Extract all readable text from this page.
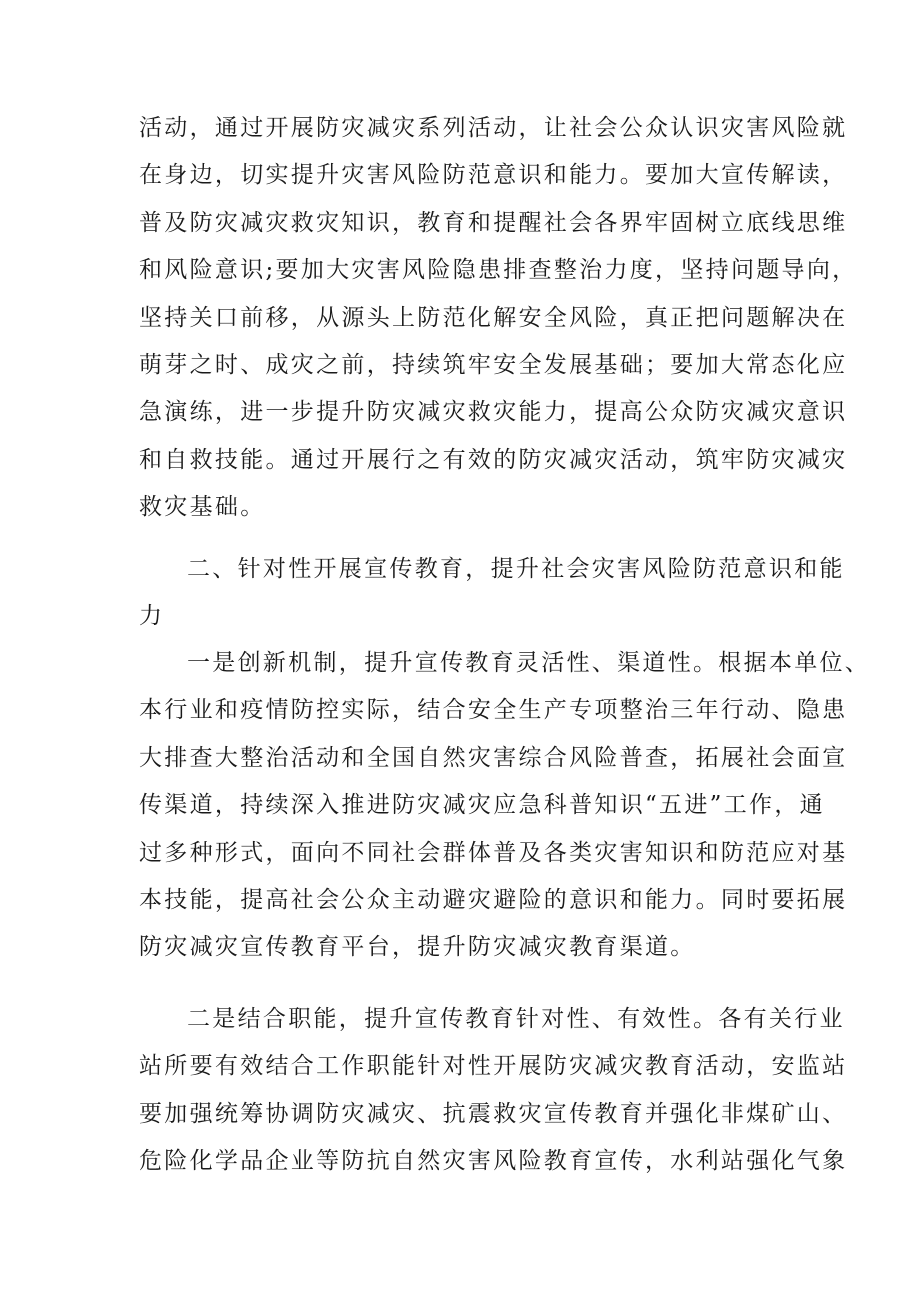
活动，通过开展防灾减灾系列活动，让社会公众认识灾害风险就
在身边，切实提升灾害风险防范意识和能力。要加大宣传解读，
普及防灾减灾救灾知识，教育和提醒社会各界牢固树立底线思维
和风险意识;要加大灾害风险隐患排查整治力度，坚持问题导向，
坚持关口前移，从源头上防范化解安全风险，真正把问题解决在
萌芽之时、成灾之前，持续筑牢安全发展基础；要加大常态化应
急演练，进一步提升防灾减灾救灾能力，提高公众防灾减灾意识
和自救技能。通过开展行之有效的防灾减灾活动，筑牢防灾减灾
救灾基础。
二、针对性开展宣传教育，提升社会灾害风险防范意识和能
力
一是创新机制，提升宣传教育灵活性、渠道性。根据本单位、
本行业和疫情防控实际，结合安全生产专项整治三年行动、隐患
大排查大整治活动和全国自然灾害综合风险普查，拓展社会面宣
传渠道，持续深入推进防灾减灾应急科普知识“五进”工作，通
过多种形式，面向不同社会群体普及各类灾害知识和防范应对基
本技能，提高社会公众主动避灾避险的意识和能力。同时要拓展
防灾减灾宣传教育平台，提升防灾减灾教育渠道。
二是结合职能，提升宣传教育针对性、有效性。各有关行业
站所要有效结合工作职能针对性开展防灾减灾教育活动，安监站
要加强统筹协调防灾减灾、抗震救灾宣传教育并强化非煤矿山、
危险化学品企业等防抗自然灾害风险教育宣传，水利站强化气象
